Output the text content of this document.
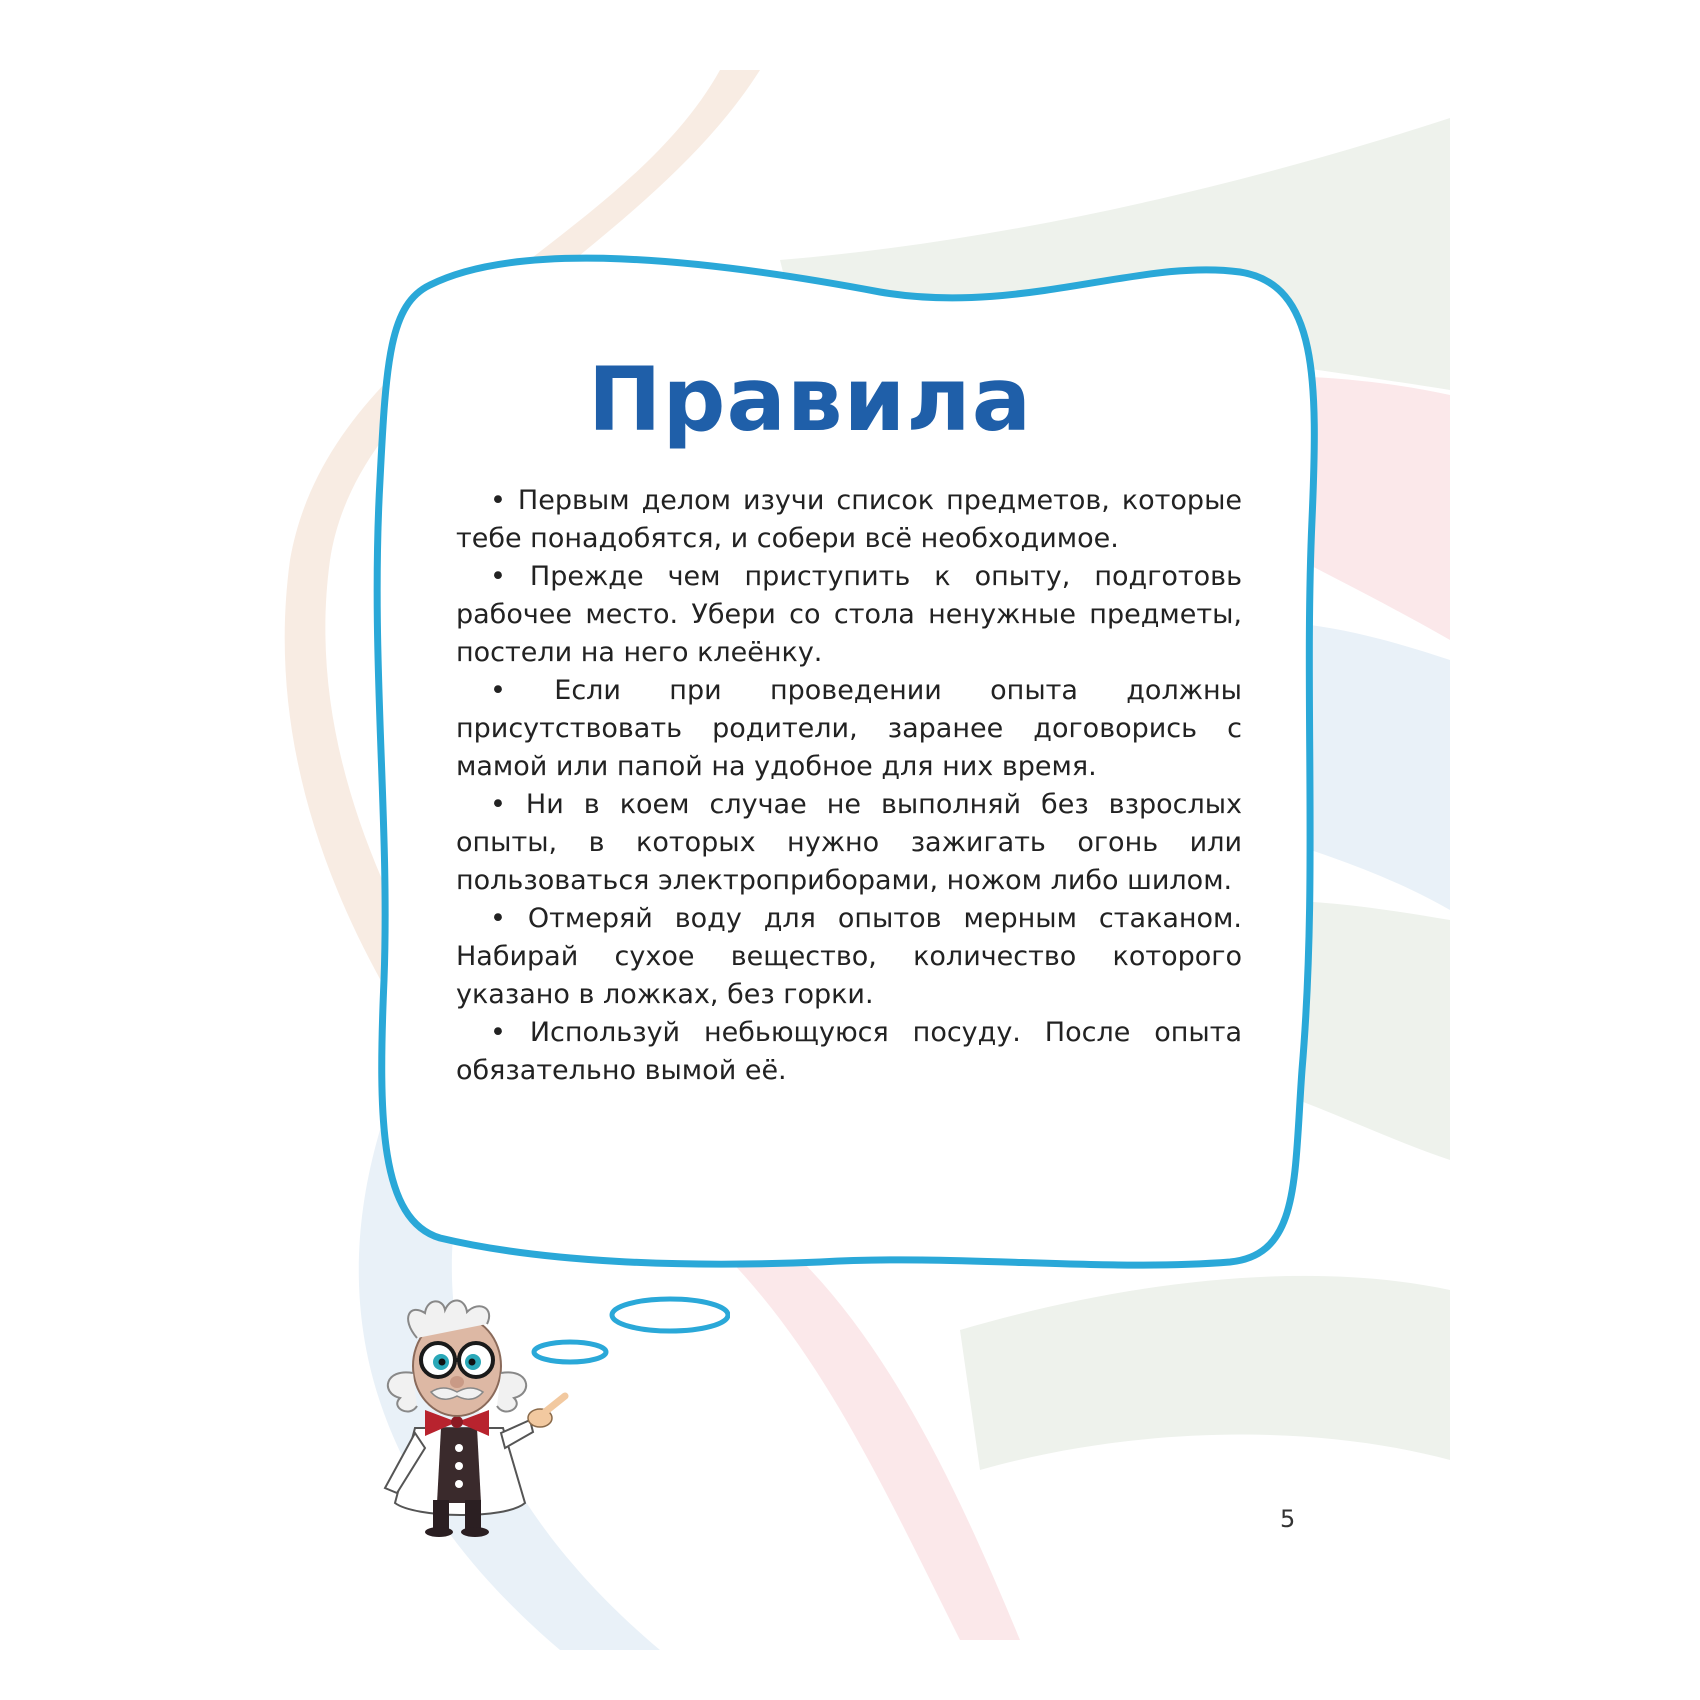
Правила
• Первым делом изучи список предметов, которые тебе понадобятся, и собери всё необходимое.
• Прежде чем приступить к опыту, подготовь рабочее место. Убери со стола ненужные предметы, постели на него клеёнку.
• Если при проведении опыта должны присутствовать родители, заранее договорись с мамой или папой на удобное для них время.
• Ни в коем случае не выполняй без взрослых опыты, в которых нужно зажигать огонь или пользоваться электроприборами, ножом либо шилом.
• Отмеряй воду для опытов мерным стаканом. Набирай сухое вещество, количество которого указано в ложках, без горки.
• Используй небьющуюся посуду. После опыта обязательно вымой её.
5
